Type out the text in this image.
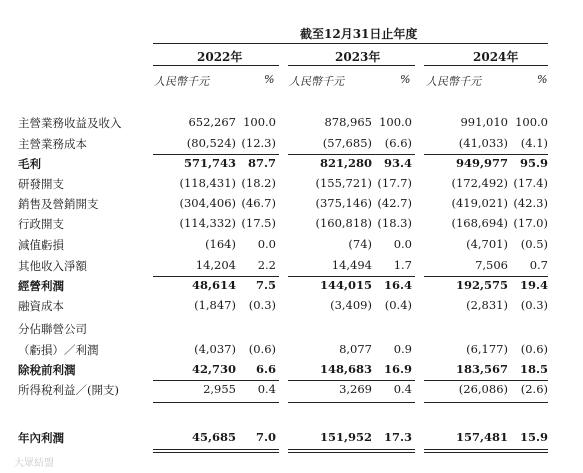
截至12月31日止年度
2022年	2023年	2024年
人民幣千元	% 人民幣千元	% 人民幣千元	%
主營業務收益及收入	652,267 100.0	878,965 100.0	991,010 100.0
主營業務成本	(80,524) (12.3)	(57,685) (6.6)	(41,033) (4.1)
毛利	571,743 87.7	821,280 93.4	949,977 95.9
研發開支	(118,431) (18.2)	(155,721) (17.7)	(172,492) (17.4)
銷售及營銷開支	(304,406) (46.7)	(375,146) (42.7)	(419,021) (42.3)
行政開支	(114,332) (17.5)	(160,818) (18.3)	(168,694) (17.0)
減值虧損	(164) 0.0	(74) 0.0	(4,701) (0.5)
其他收入淨額	14,204 2.2	14,494 1.7	7,506 0.7
經營利潤	48,614 7.5	144,015 16.4	192,575 19.4
融資成本	(1,847) (0.3)	(3,409) (0.4)	(2,831) (0.3)
分佔聯營公司
（虧損）／利潤	(4,037) (0.6)	8,077 0.9	(6,177) (0.6)
除稅前利潤	42,730 6.6	148,683 16.9	183,567 18.5
所得稅利益／(開支)	2,955 0.4	3,269 0.4	(26,086) (2.6)
年內利潤	45,685 7.0	151,952 17.3	157,481 15.9
大眾結盟
